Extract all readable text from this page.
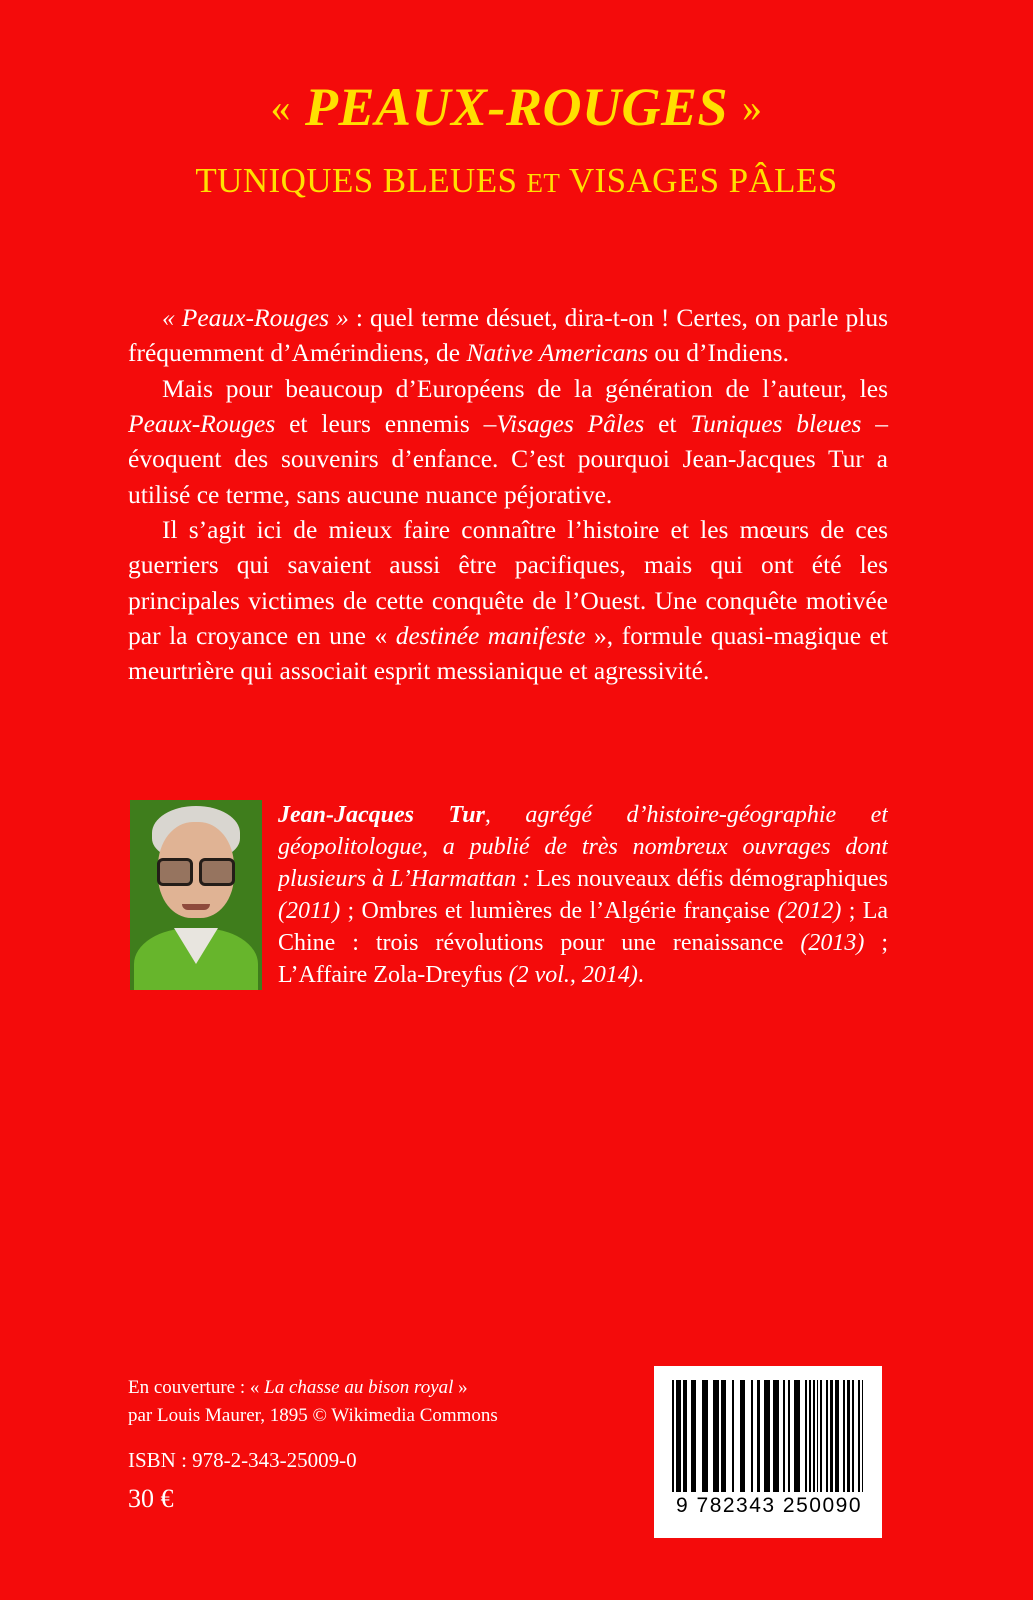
« PEAUX-ROUGES »
TUNIQUES BLEUES ET VISAGES PÂLES

« Peaux-Rouges » : quel terme désuet, dira-t-on ! Certes, on parle plus fréquemment d’Amérindiens, de Native Americans ou d’Indiens.

Mais pour beaucoup d’Européens de la génération de l’auteur, les Peaux-Rouges et leurs ennemis –Visages Pâles et Tuniques bleues – évoquent des souvenirs d’enfance. C’est pourquoi Jean-Jacques Tur a utilisé ce terme, sans aucune nuance péjorative.

Il s’agit ici de mieux faire connaître l’histoire et les mœurs de ces guerriers qui savaient aussi être pacifiques, mais qui ont été les principales victimes de cette conquête de l’Ouest. Une conquête motivée par la croyance en une « destinée manifeste », formule quasi-magique et meurtrière qui associait esprit messianique et agressivité.

Jean-Jacques Tur, agrégé d’histoire-géographie et géopolitologue, a publié de très nombreux ouvrages dont plusieurs à L’Harmattan : Les nouveaux défis démographiques (2011) ; Ombres et lumières de l’Algérie française (2012) ; La Chine : trois révolutions pour une renaissance (2013) ; L’Affaire Zola-Dreyfus (2 vol., 2014).
En couverture : « La chasse au bison royal »
par Louis Maurer, 1895 © Wikimedia Commons
ISBN : 978-2-343-25009-0
30 €	9 782343 250090
